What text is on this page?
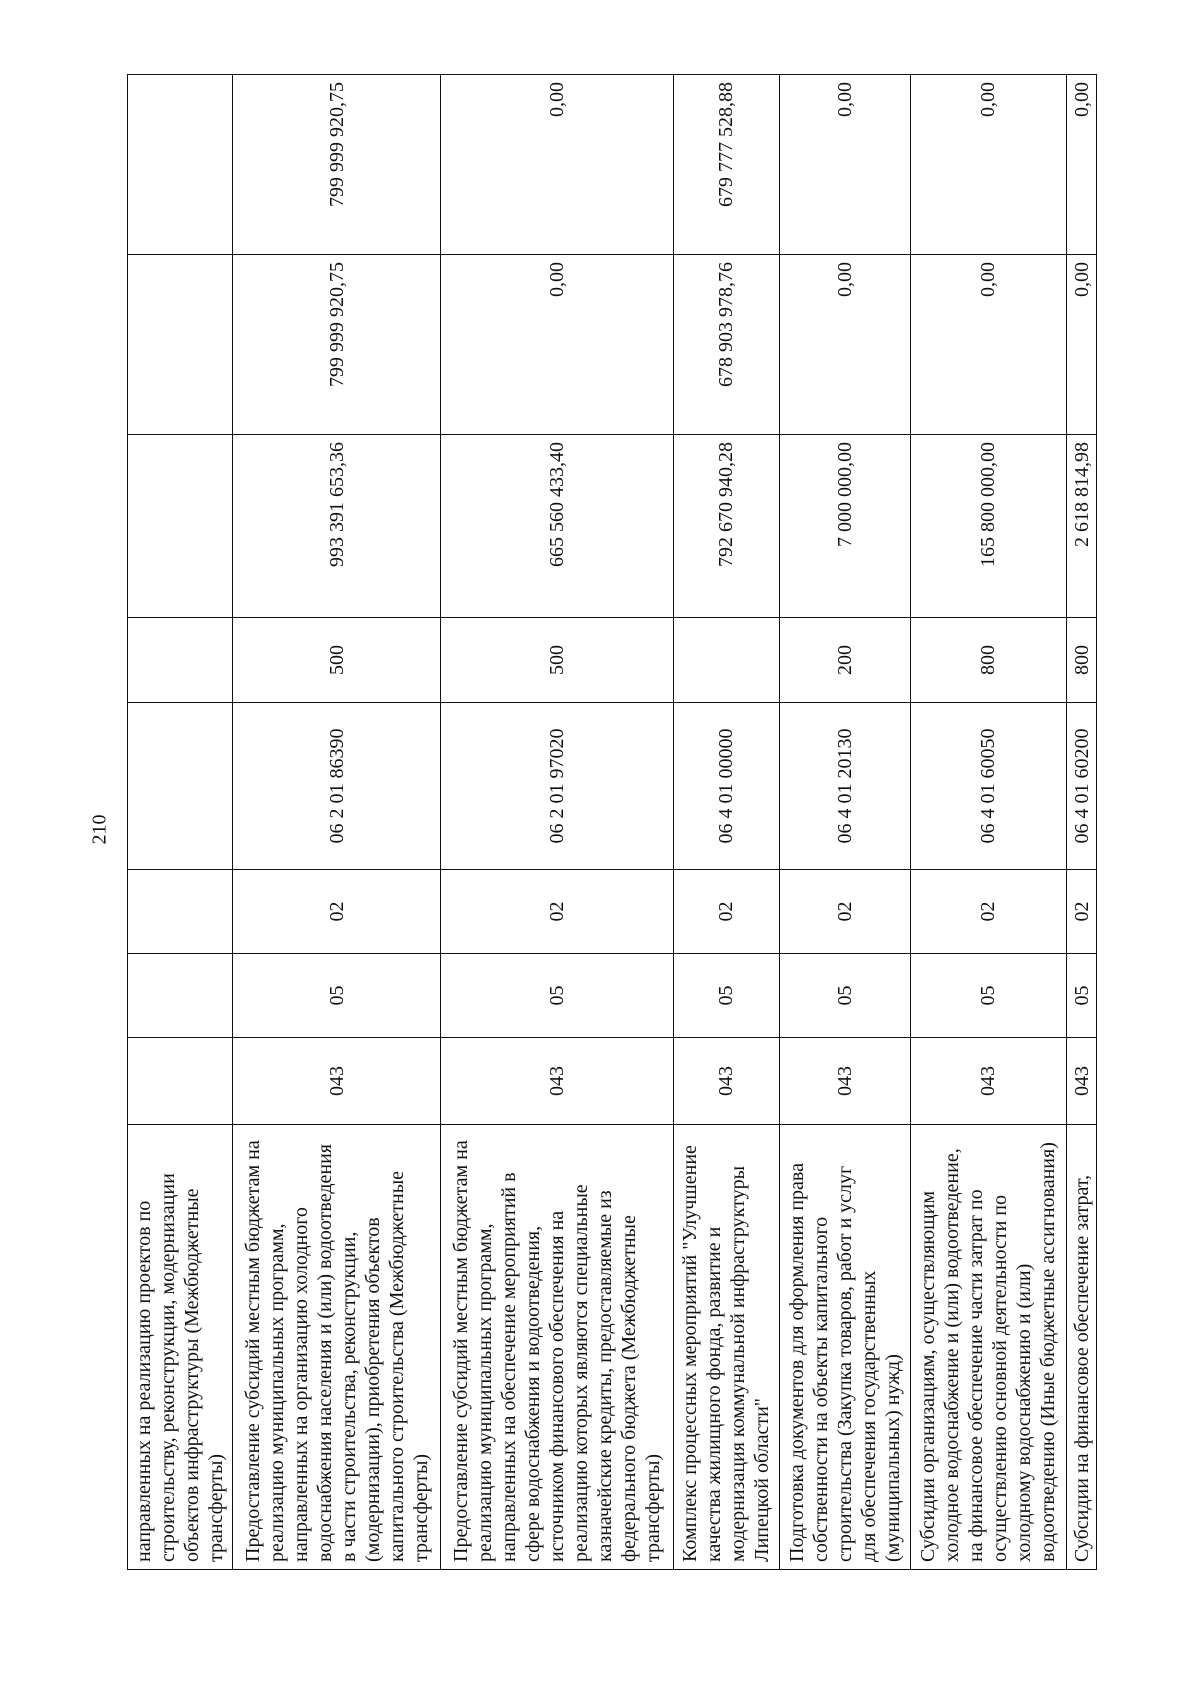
210
направленных на реализацию проектов по строительству, реконструкции, модернизации объектов инфраструктуры (Межбюджетные трансферты)								
Предоставление субсидий местным бюджетам на реализацию муниципальных программ, направленных на организацию холодного водоснабжения населения и (или) водоотведения в части строительства, реконструкции, (модернизации), приобретения объектов капитального строительства (Межбюджетные трансферты)	043	05	02	06 2 01 86390	500	993 391 653,36	799 999 920,75	799 999 920,75
Предоставление субсидий местным бюджетам на реализацию муниципальных программ, направленных на обеспечение мероприятий в сфере водоснабжения и водоотведения, источником финансового обеспечения на реализацию которых являются специальные казначейские кредиты, предоставляемые из федерального бюджета (Межбюджетные трансферты)	043	05	02	06 2 01 97020	500	665 560 433,40	0,00	0,00
Комплекс процессных мероприятий "Улучшение качества жилищного фонда, развитие и модернизация коммунальной инфраструктуры Липецкой области"	043	05	02	06 4 01 00000		792 670 940,28	678 903 978,76	679 777 528,88
Подготовка документов для оформления права собственности на объекты капитального строительства (Закупка товаров, работ и услуг для обеспечения государственных (муниципальных) нужд)	043	05	02	06 4 01 20130	200	7 000 000,00	0,00	0,00
Субсидии организациям, осуществляющим холодное водоснабжение и (или) водоотведение, на финансовое обеспечение части затрат по осуществлению основной деятельности по холодному водоснабжению и (или) водоотведению (Иные бюджетные ассигнования)	043	05	02	06 4 01 60050	800	165 800 000,00	0,00	0,00
Субсидии на финансовое обеспечение затрат,	043	05	02	06 4 01 60200	800	2 618 814,98	0,00	0,00
